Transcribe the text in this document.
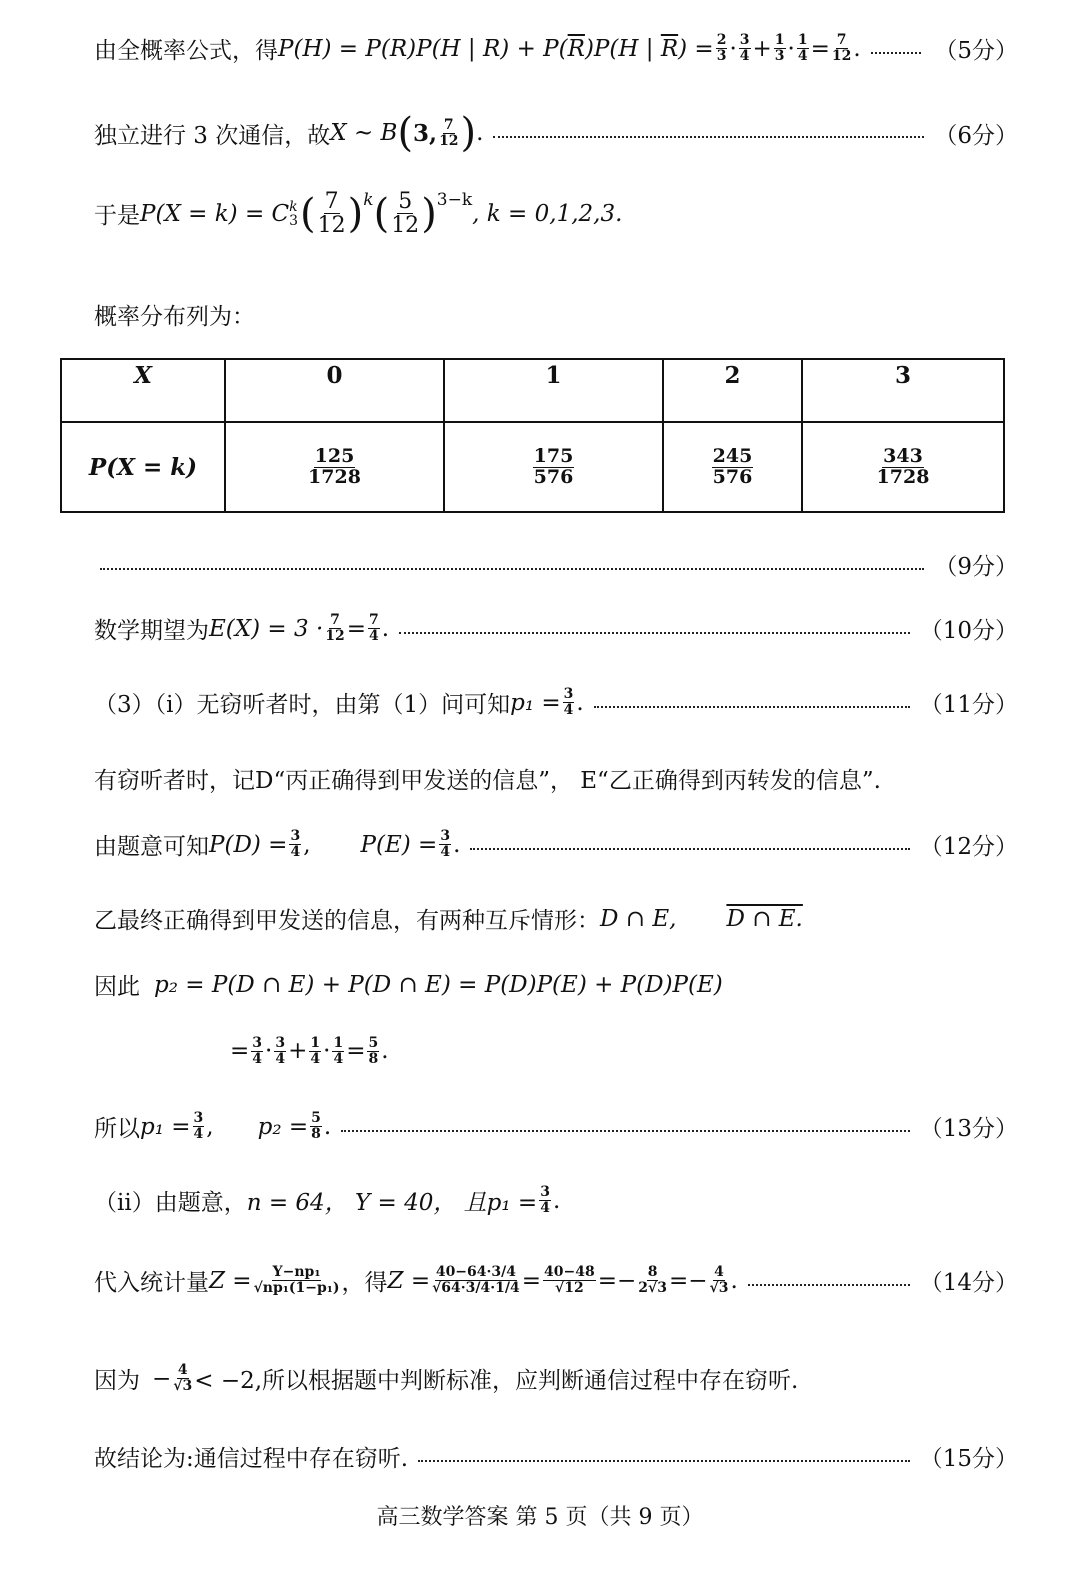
由全概率公式，得 P(H) = P(R)P(H | $R) + P(\overline{R})P(H$ | $\overline{R}) = \frac{2}{3} \cdot 3$
4 + 1
3 · 1
4 = 7
12 .	（5分）
独立进行 3 次通信，故 X ~ B ( 3, 7
12 ) .	（6分）
于是 P(X = k) = C k
3 ( 7
12 )$^k$ ( 5
12 )$^{3-k}$
, k = 0,1,2,3.
概率分布列为：
X	0	1	2	3
P(X = k)	$\frac{125}{1728}$	$\frac{175}{576}$	$\frac{245}{576}$	$\frac{343}{1728}$
（9分）
数学期望为 E(X) = 3 · 7
12 = 7
4 .	（10分）
（3）（i）无窃听者时，由第（1）问可知 $p_1 = \frac{3}{4}$ .	（11分）
有窃听者时，记D“丙正确得到甲发送的信息”， E“乙正确得到丙转发的信息”.
由题意可知 $P(D) = \frac{3}{4}$ , $P(E) = \frac{3}{4}$ .	（12分）
乙最终正确得到甲发送的信息，有两种互斥情形： D ∩ E, D ∩ E.
因此 p₂ = P(D ∩ E) + P(D ∩ E) = P(D)P(E) + P(D)P(E)
= $\frac{3}{4} \cdot 3$
4 + 1
4 · 1
4 = 5
8 .
所以 $p_1 = \frac{3}{4}$ , $p_2 = \frac{5}{8}$ .	（13分）
（ii）由题意， n = 64， Y = 40， 且$p_1 = \frac{3}{4}$ .
代入统计量 $Z = \frac{\text{Y−np₁}}{\text{√np₁(1−p₁)}}$ ，得 $Z = \frac{40-64\cdot 3/4}{√64\cdot 3/4\cdot 1/4} = 40-48$
√12 =− 8
2√3 =− 4
√3 .	（14分）
因为 − $\frac{4}{√3} < -2$,所以根据题中判断标准，应判断通信过程中存在窃听.
故结论为:通信过程中存在窃听.	（15分）
高三数学答案 第 5 页（共 9 页）
